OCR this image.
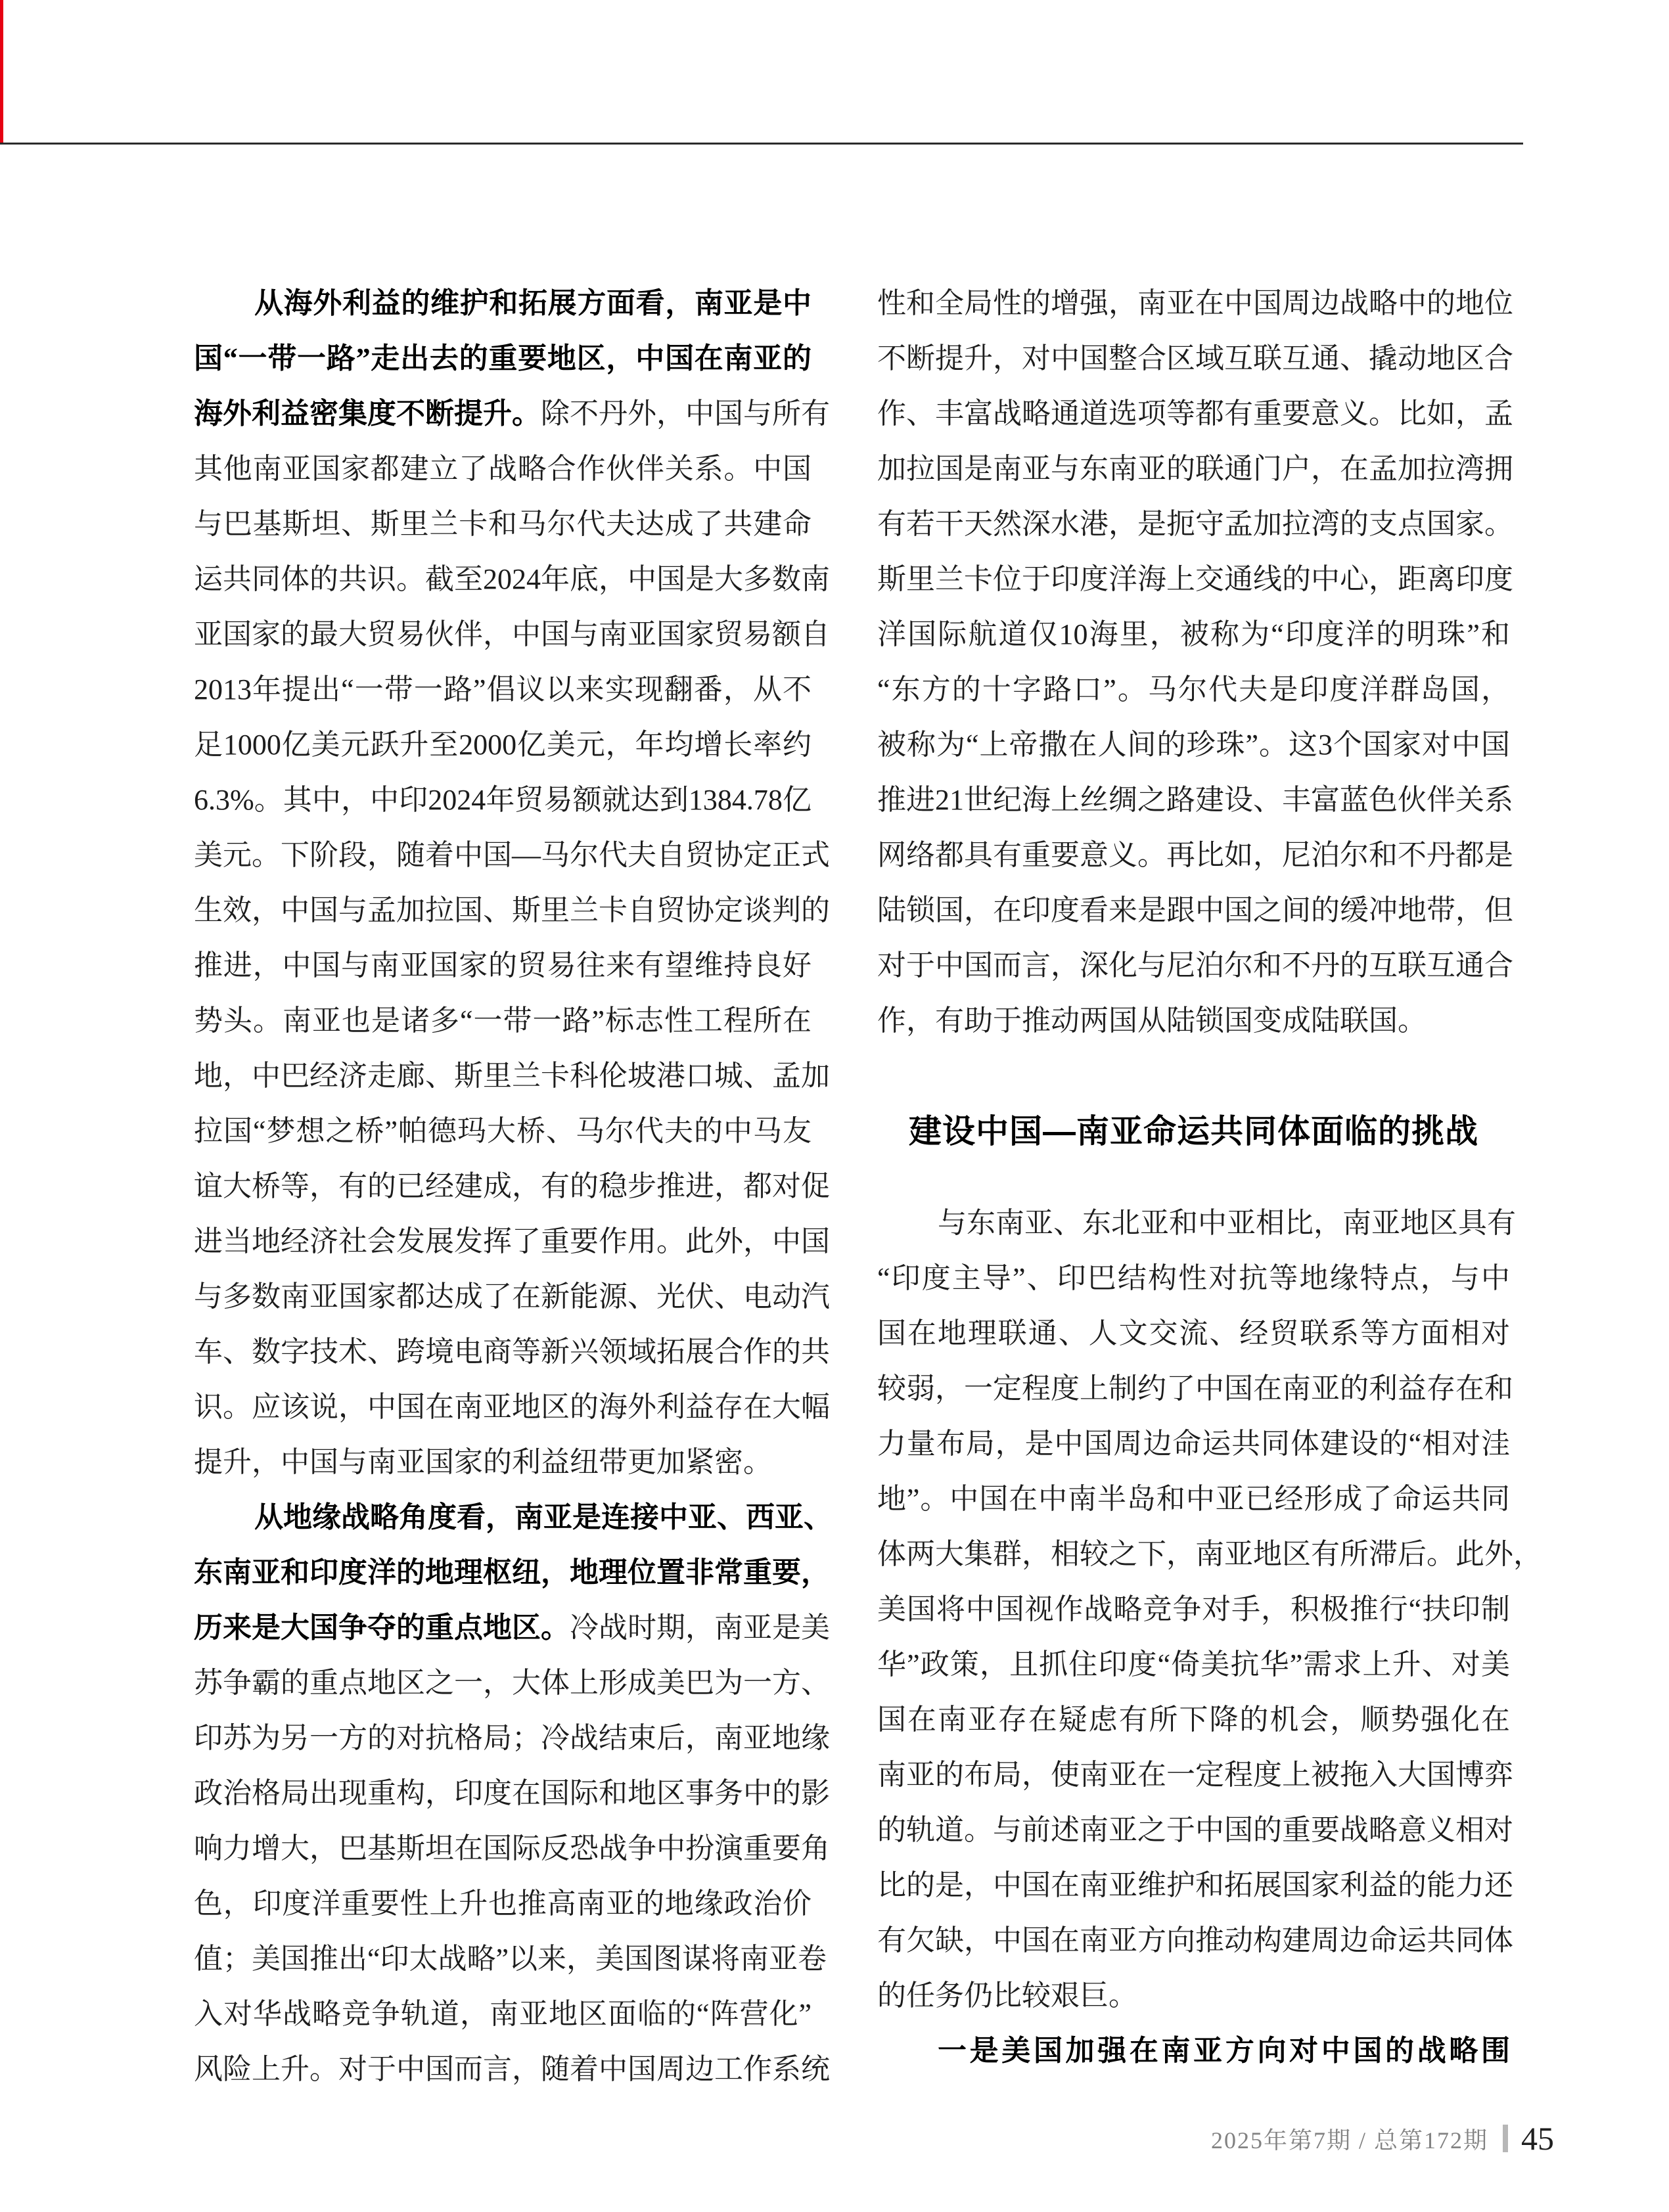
从海外利益的维护和拓展方面看，南亚是中
国“一带一路”走出去的重要地区，中国在南亚的
海外利益密集度不断提升。除不丹外，中国与所有
其他南亚国家都建立了战略合作伙伴关系。中国
与巴基斯坦、斯里兰卡和马尔代夫达成了共建命
运共同体的共识。截至2024年底，中国是大多数南
亚国家的最大贸易伙伴，中国与南亚国家贸易额自
2013年提出“一带一路”倡议以来实现翻番，从不
足1000亿美元跃升至2000亿美元，年均增长率约
6.3%。其中，中印2024年贸易额就达到1384.78亿
美元。下阶段，随着中国—马尔代夫自贸协定正式
生效，中国与孟加拉国、斯里兰卡自贸协定谈判的
推进，中国与南亚国家的贸易往来有望维持良好
势头。南亚也是诸多“一带一路”标志性工程所在
地，中巴经济走廊、斯里兰卡科伦坡港口城、孟加
拉国“梦想之桥”帕德玛大桥、马尔代夫的中马友
谊大桥等，有的已经建成，有的稳步推进，都对促
进当地经济社会发展发挥了重要作用。此外，中国
与多数南亚国家都达成了在新能源、光伏、电动汽
车、数字技术、跨境电商等新兴领域拓展合作的共
识。应该说，中国在南亚地区的海外利益存在大幅
提升，中国与南亚国家的利益纽带更加紧密。
从地缘战略角度看，南亚是连接中亚、西亚、
东南亚和印度洋的地理枢纽，地理位置非常重要，
历来是大国争夺的重点地区。冷战时期，南亚是美
苏争霸的重点地区之一，大体上形成美巴为一方、
印苏为另一方的对抗格局；冷战结束后，南亚地缘
政治格局出现重构，印度在国际和地区事务中的影
响力增大，巴基斯坦在国际反恐战争中扮演重要角
色，印度洋重要性上升也推高南亚的地缘政治价
值；美国推出“印太战略”以来，美国图谋将南亚卷
入对华战略竞争轨道，南亚地区面临的“阵营化”
风险上升。对于中国而言，随着中国周边工作系统
性和全局性的增强，南亚在中国周边战略中的地位
不断提升，对中国整合区域互联互通、撬动地区合
作、丰富战略通道选项等都有重要意义。比如，孟
加拉国是南亚与东南亚的联通门户，在孟加拉湾拥
有若干天然深水港，是扼守孟加拉湾的支点国家。
斯里兰卡位于印度洋海上交通线的中心，距离印度
洋国际航道仅10海里，被称为“印度洋的明珠”和
“东方的十字路口”。马尔代夫是印度洋群岛国，
被称为“上帝撒在人间的珍珠”。这3个国家对中国
推进21世纪海上丝绸之路建设、丰富蓝色伙伴关系
网络都具有重要意义。再比如，尼泊尔和不丹都是
陆锁国，在印度看来是跟中国之间的缓冲地带，但
对于中国而言，深化与尼泊尔和不丹的互联互通合
作，有助于推动两国从陆锁国变成陆联国。
建设中国—南亚命运共同体面临的挑战
与东南亚、东北亚和中亚相比，南亚地区具有
“印度主导”、印巴结构性对抗等地缘特点，与中
国在地理联通、人文交流、经贸联系等方面相对
较弱，一定程度上制约了中国在南亚的利益存在和
力量布局，是中国周边命运共同体建设的“相对洼
地”。中国在中南半岛和中亚已经形成了命运共同
体两大集群，相较之下，南亚地区有所滞后。此外，
美国将中国视作战略竞争对手，积极推行“扶印制
华”政策，且抓住印度“倚美抗华”需求上升、对美
国在南亚存在疑虑有所下降的机会，顺势强化在
南亚的布局，使南亚在一定程度上被拖入大国博弈
的轨道。与前述南亚之于中国的重要战略意义相对
比的是，中国在南亚维护和拓展国家利益的能力还
有欠缺，中国在南亚方向推动构建周边命运共同体
的任务仍比较艰巨。
一是美国加强在南亚方向对中国的战略围
2025年第7期 / 总第172期 45
